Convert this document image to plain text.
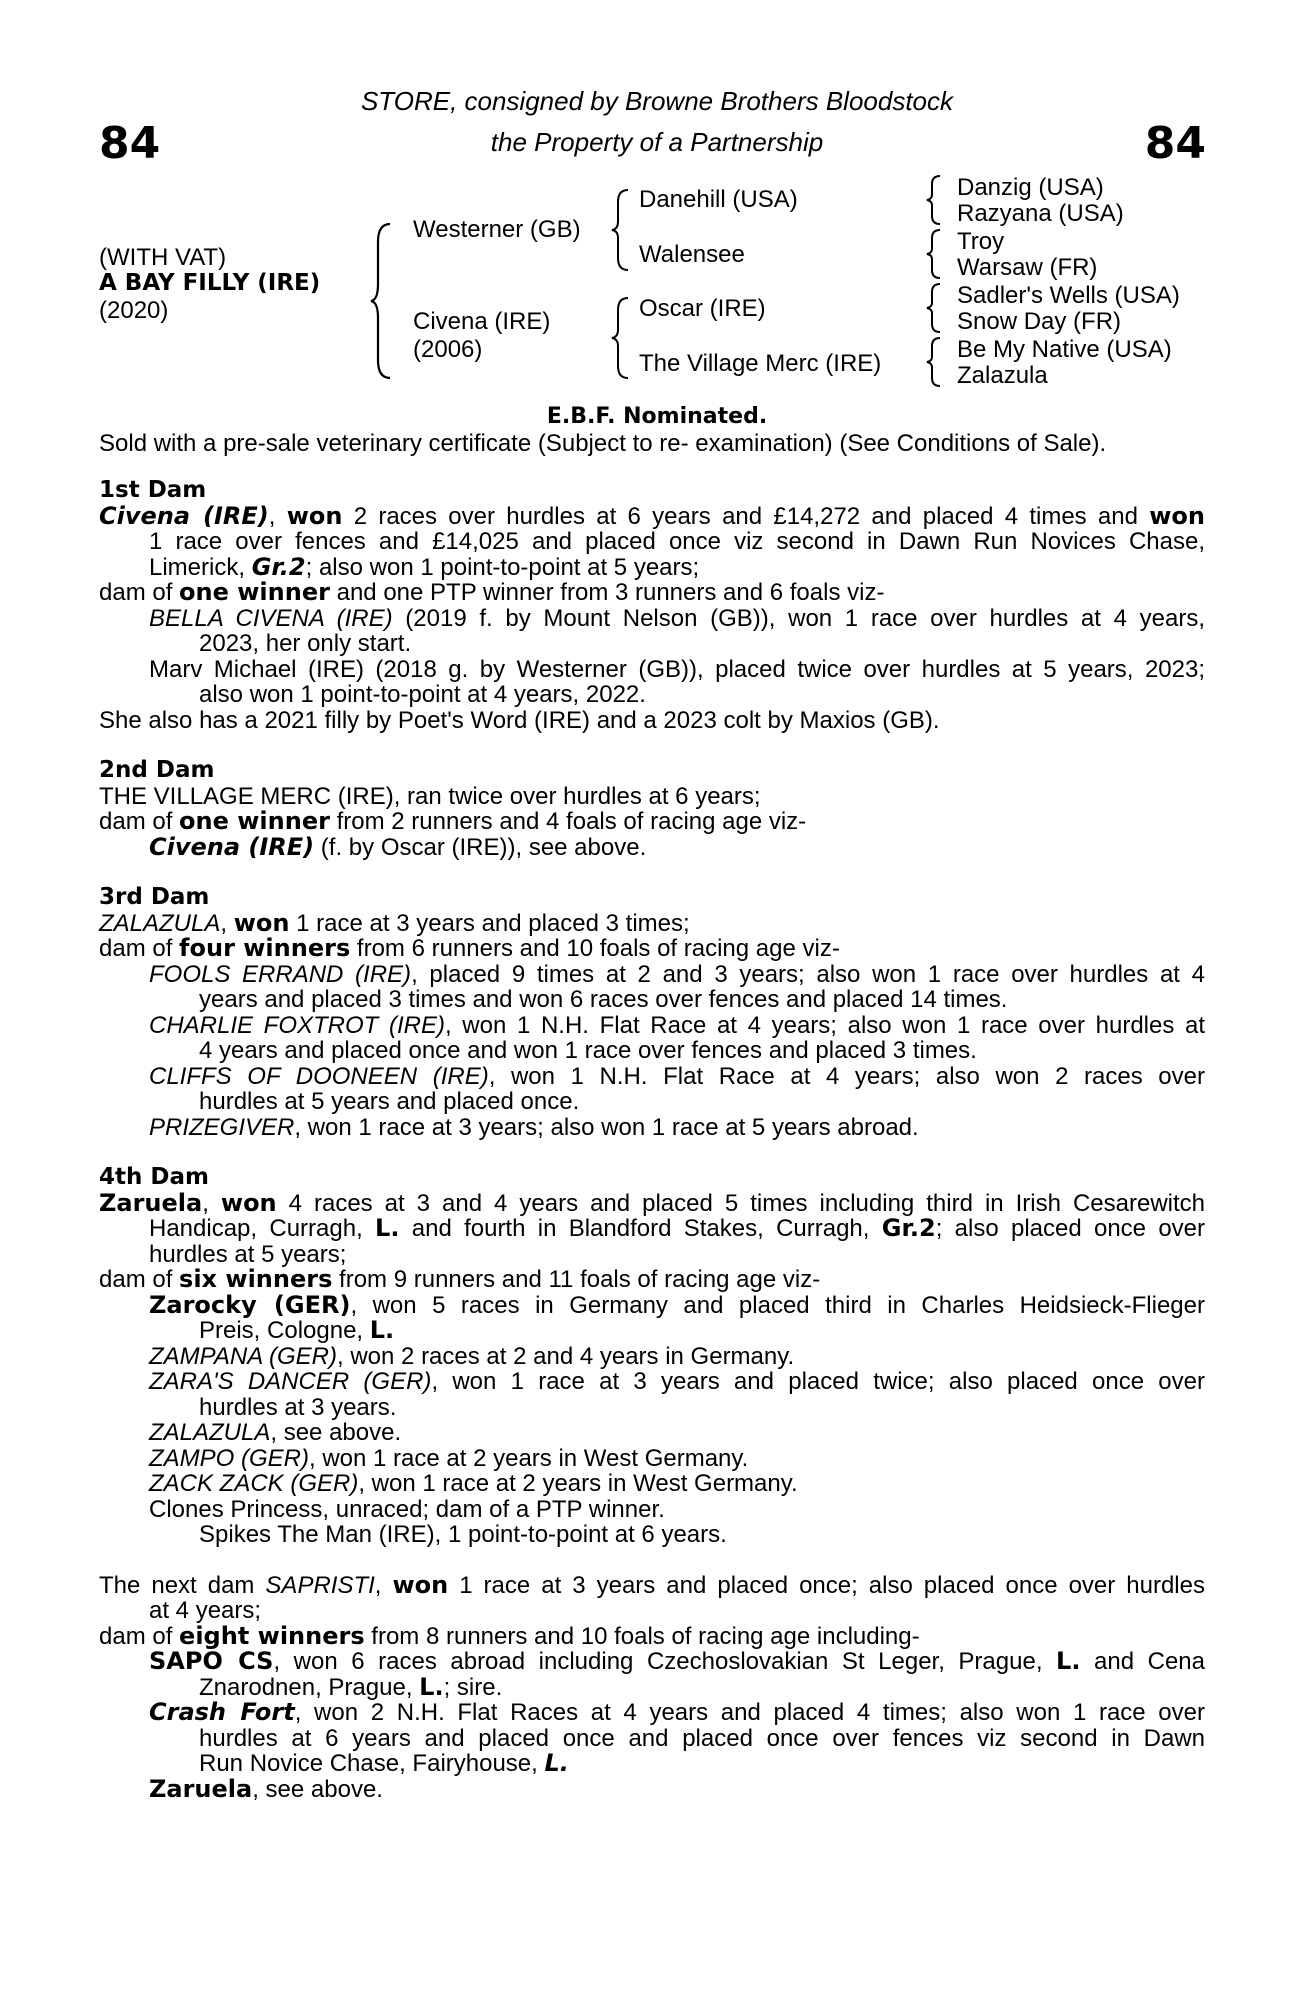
84	84
STORE, consigned by Browne Brothers Bloodstock
the Property of a Partnership
(WITH VAT)
A BAY FILLY (IRE)
(2020)
Westerner (GB)
Civena (IRE)
(2006)
Danehill (USA)
Walensee
Oscar (IRE)
The Village Merc (IRE)
Danzig (USA)
Razyana (USA)
Troy
Warsaw (FR)
Sadler's Wells (USA)
Snow Day (FR)
Be My Native (USA)
Zalazula
E.B.F. Nominated.
Sold with a pre-sale veterinary certificate (Subject to re- examination) (See Conditions of Sale).
1st Dam
Civena (IRE), won 2 races over hurdles at 6 years and £14,272 and placed 4 times and won
1 race over fences and £14,025 and placed once viz second in Dawn Run Novices Chase,
Limerick, Gr.2; also won 1 point-to-point at 5 years;
dam of one winner and one PTP winner from 3 runners and 6 foals viz-
BELLA CIVENA (IRE) (2019 f. by Mount Nelson (GB)), won 1 race over hurdles at 4 years,
2023, her only start.
Marv Michael (IRE) (2018 g. by Westerner (GB)), placed twice over hurdles at 5 years, 2023;
also won 1 point-to-point at 4 years, 2022.
She also has a 2021 filly by Poet's Word (IRE) and a 2023 colt by Maxios (GB).
2nd Dam
THE VILLAGE MERC (IRE), ran twice over hurdles at 6 years;
dam of one winner from 2 runners and 4 foals of racing age viz-
Civena (IRE) (f. by Oscar (IRE)), see above.
3rd Dam
ZALAZULA, won 1 race at 3 years and placed 3 times;
dam of four winners from 6 runners and 10 foals of racing age viz-
FOOLS ERRAND (IRE), placed 9 times at 2 and 3 years; also won 1 race over hurdles at 4
years and placed 3 times and won 6 races over fences and placed 14 times.
CHARLIE FOXTROT (IRE), won 1 N.H. Flat Race at 4 years; also won 1 race over hurdles at
4 years and placed once and won 1 race over fences and placed 3 times.
CLIFFS OF DOONEEN (IRE), won 1 N.H. Flat Race at 4 years; also won 2 races over
hurdles at 5 years and placed once.
PRIZEGIVER, won 1 race at 3 years; also won 1 race at 5 years abroad.
4th Dam
Zaruela, won 4 races at 3 and 4 years and placed 5 times including third in Irish Cesarewitch
Handicap, Curragh, L. and fourth in Blandford Stakes, Curragh, Gr.2; also placed once over
hurdles at 5 years;
dam of six winners from 9 runners and 11 foals of racing age viz-
Zarocky (GER), won 5 races in Germany and placed third in Charles Heidsieck-Flieger
Preis, Cologne, L.
ZAMPANA (GER), won 2 races at 2 and 4 years in Germany.
ZARA'S DANCER (GER), won 1 race at 3 years and placed twice; also placed once over
hurdles at 3 years.
ZALAZULA, see above.
ZAMPO (GER), won 1 race at 2 years in West Germany.
ZACK ZACK (GER), won 1 race at 2 years in West Germany.
Clones Princess, unraced; dam of a PTP winner.
Spikes The Man (IRE), 1 point-to-point at 6 years.
The next dam SAPRISTI, won 1 race at 3 years and placed once; also placed once over hurdles
at 4 years;
dam of eight winners from 8 runners and 10 foals of racing age including-
SAPO CS, won 6 races abroad including Czechoslovakian St Leger, Prague, L. and Cena
Znarodnen, Prague, L.; sire.
Crash Fort, won 2 N.H. Flat Races at 4 years and placed 4 times; also won 1 race over
hurdles at 6 years and placed once and placed once over fences viz second in Dawn
Run Novice Chase, Fairyhouse, L.
Zaruela, see above.
